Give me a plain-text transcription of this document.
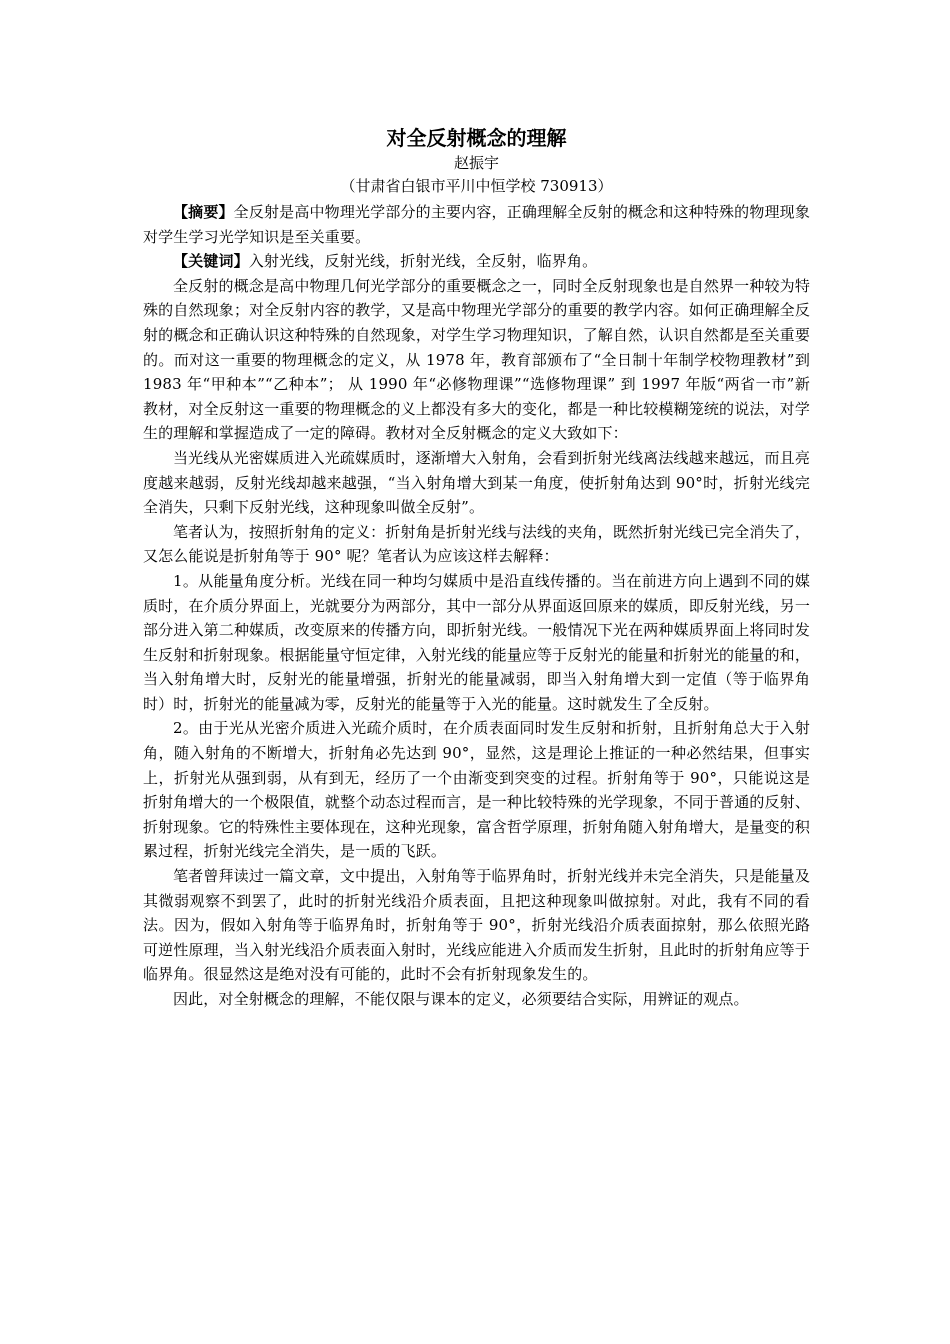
对全反射概念的理解
赵振宇
（甘肃省白银市平川中恒学校 730913）

【摘要】全反射是高中物理光学部分的主要内容，正确理解全反射的概念和这种特殊的物理现象对学生学习光学知识是至关重要。

【关键词】入射光线，反射光线，折射光线，全反射，临界角。

全反射的概念是高中物理几何光学部分的重要概念之一，同时全反射现象也是自然界一种较为特殊的自然现象；对全反射内容的教学，又是高中物理光学部分的重要的教学内容。如何正确理解全反射的概念和正确认识这种特殊的自然现象，对学生学习物理知识，了解自然，认识自然都是至关重要的。而对这一重要的物理概念的定义，从 1978 年，教育部颁布了“全日制十年制学校物理教材”到 1983 年“甲种本”“乙种本”； 从 1990 年“必修物理课”“选修物理课” 到 1997 年版“两省一市”新教材，对全反射这一重要的物理概念的义上都没有多大的变化，都是一种比较模糊笼统的说法，对学生的理解和掌握造成了一定的障碍。教材对全反射概念的定义大致如下：

当光线从光密媒质进入光疏媒质时，逐渐增大入射角，会看到折射光线离法线越来越远，而且亮度越来越弱，反射光线却越来越强，“当入射角增大到某一角度，使折射角达到 90°时，折射光线完全消失，只剩下反射光线，这种现象叫做全反射”。

笔者认为，按照折射角的定义：折射角是折射光线与法线的夹角，既然折射光线已完全消失了，又怎么能说是折射角等于 90° 呢？笔者认为应该这样去解释：

1。从能量角度分析。光线在同一种均匀媒质中是沿直线传播的。当在前进方向上遇到不同的媒质时，在介质分界面上，光就要分为两部分，其中一部分从界面返回原来的媒质，即反射光线，另一部分进入第二种媒质，改变原来的传播方向，即折射光线。一般情况下光在两种媒质界面上将同时发生反射和折射现象。根据能量守恒定律，入射光线的能量应等于反射光的能量和折射光的能量的和，当入射角增大时，反射光的能量增强，折射光的能量减弱，即当入射角增大到一定值（等于临界角时）时，折射光的能量减为零，反射光的能量等于入光的能量。这时就发生了全反射。

2。由于光从光密介质进入光疏介质时，在介质表面同时发生反射和折射，且折射角总大于入射角，随入射角的不断增大，折射角必先达到 90°，显然，这是理论上推证的一种必然结果，但事实上，折射光从强到弱，从有到无，经历了一个由渐变到突变的过程。折射角等于 90°，只能说这是折射角增大的一个极限值，就整个动态过程而言，是一种比较特殊的光学现象，不同于普通的反射、折射现象。它的特殊性主要体现在，这种光现象，富含哲学原理，折射角随入射角增大，是量变的积累过程，折射光线完全消失，是一质的飞跃。

笔者曾拜读过一篇文章，文中提出，入射角等于临界角时，折射光线并未完全消失，只是能量及其微弱观察不到罢了，此时的折射光线沿介质表面，且把这种现象叫做掠射。对此，我有不同的看法。因为，假如入射角等于临界角时，折射角等于 90°，折射光线沿介质表面掠射，那么依照光路可逆性原理，当入射光线沿介质表面入射时，光线应能进入介质而发生折射，且此时的折射角应等于临界角。很显然这是绝对没有可能的，此时不会有折射现象发生的。

因此，对全射概念的理解，不能仅限与课本的定义，必须要结合实际，用辨证的观点。
